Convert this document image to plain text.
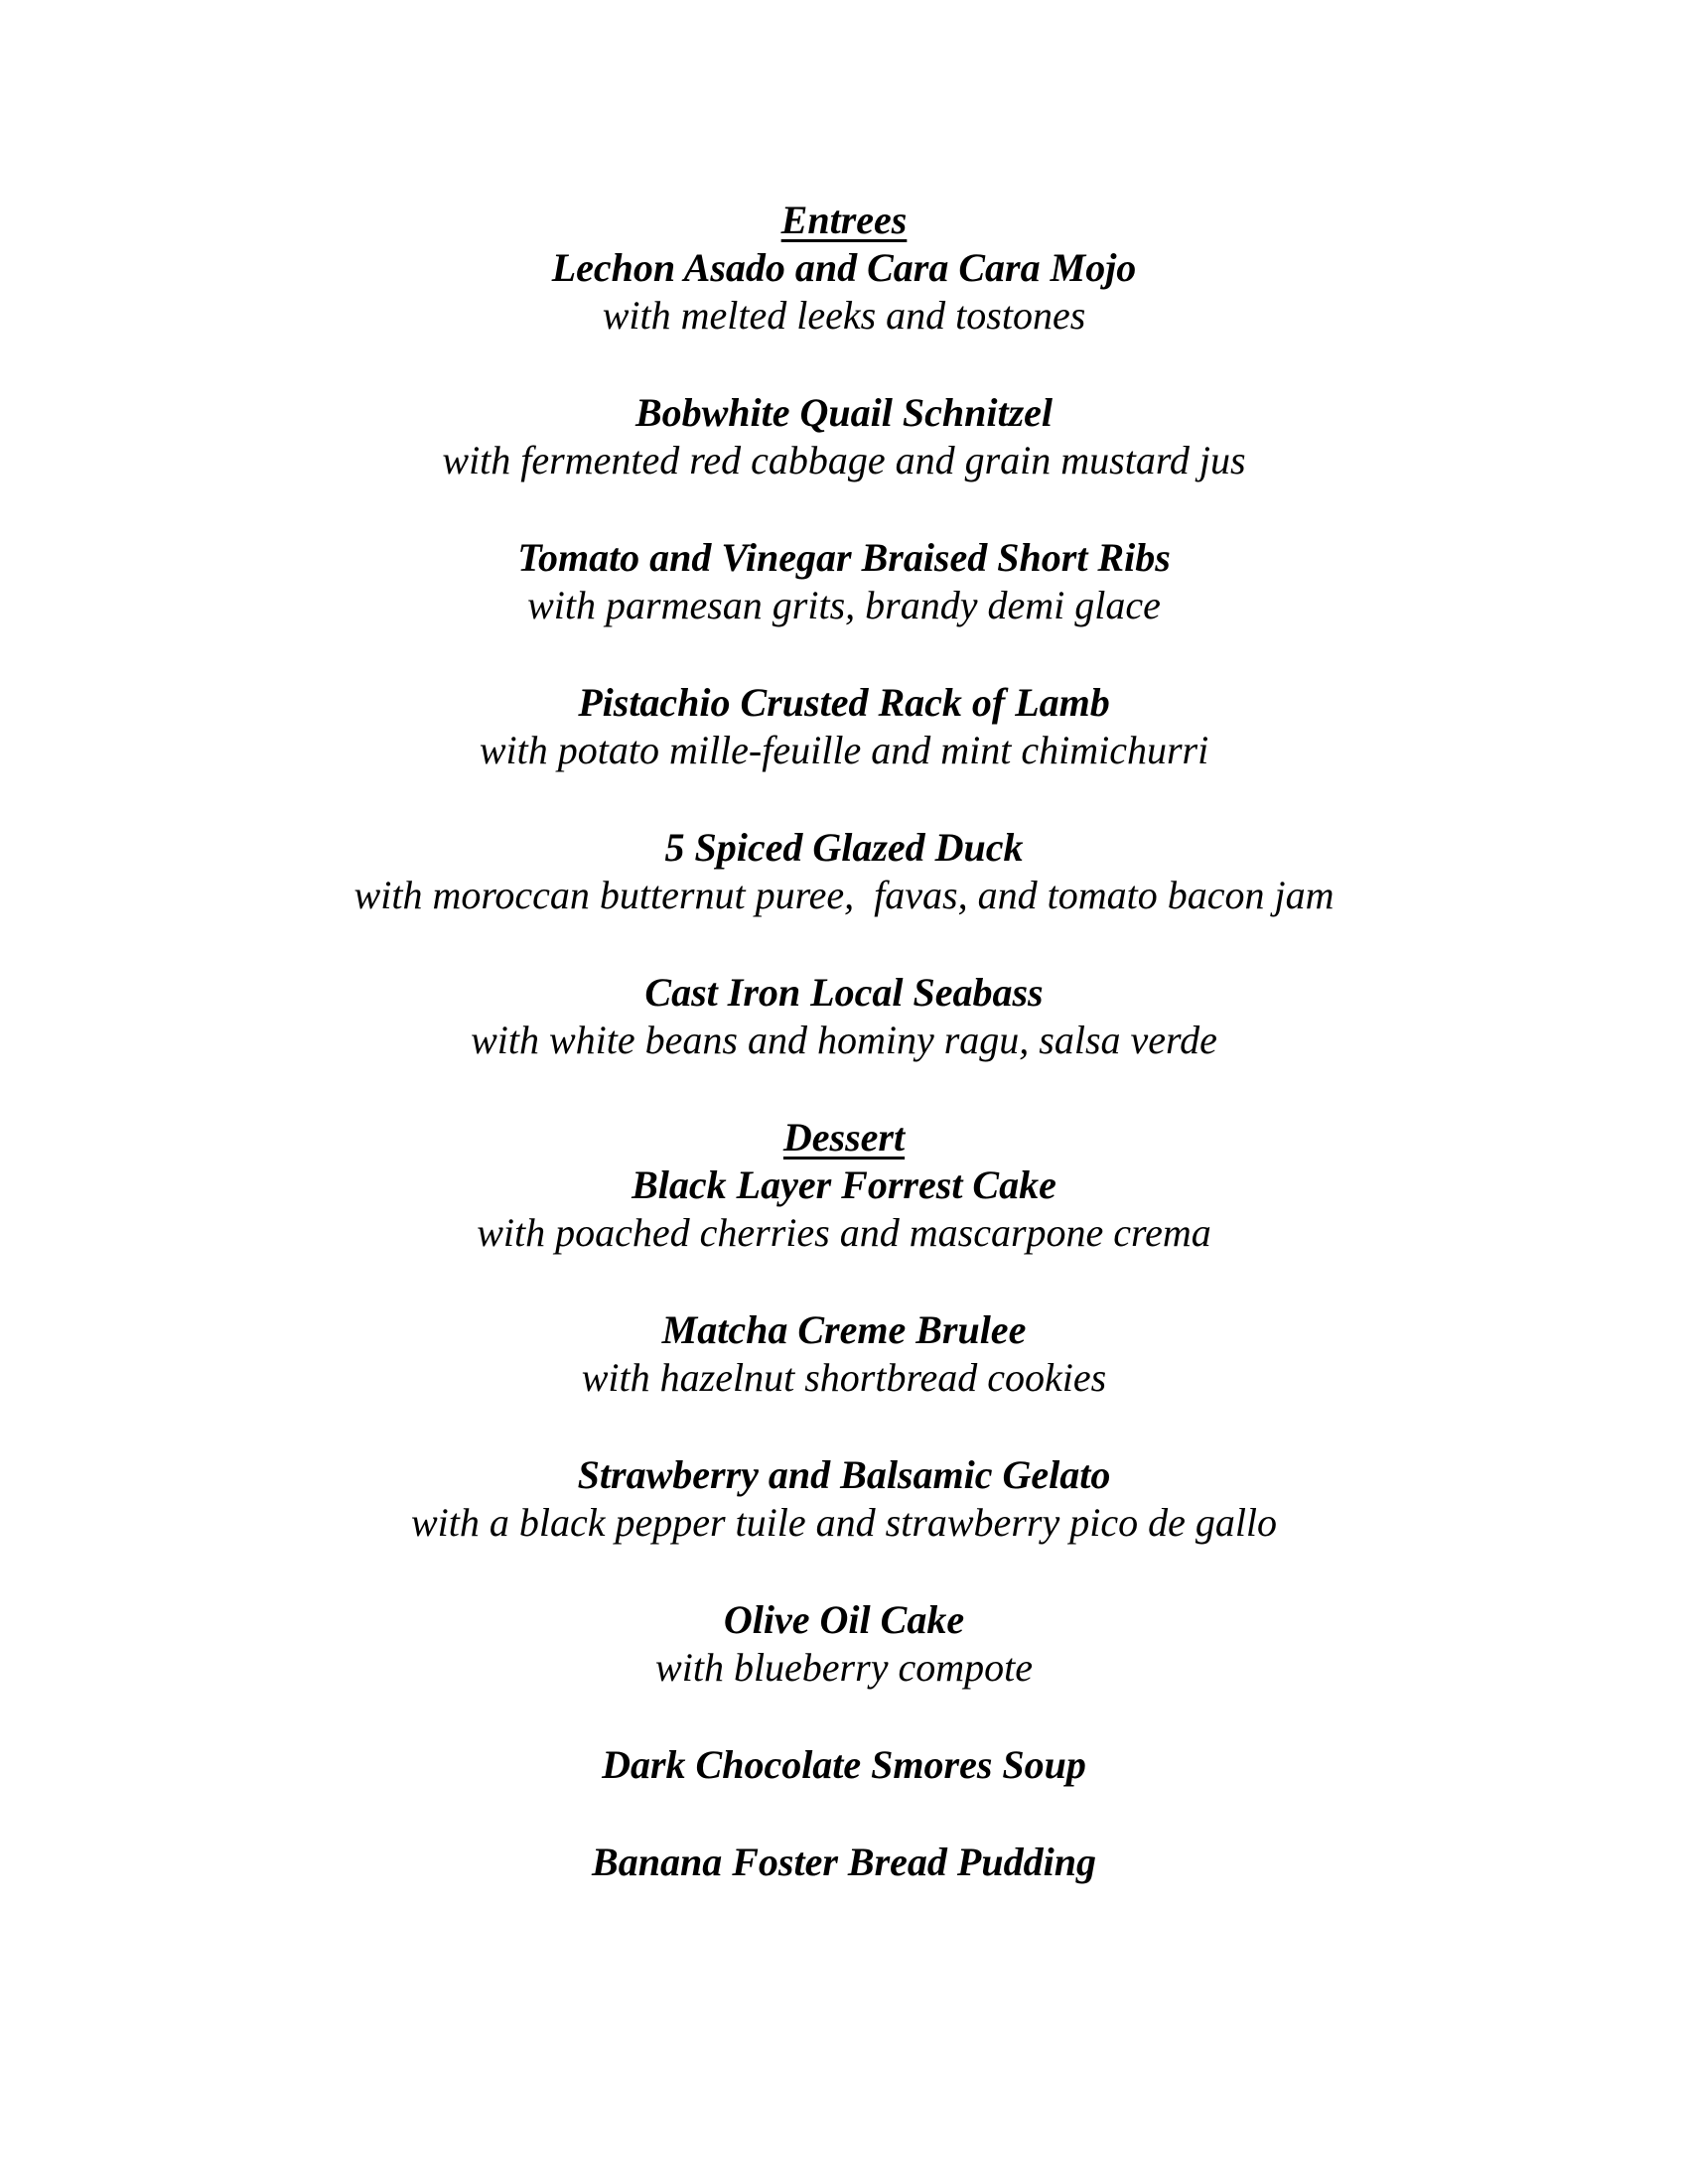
Entrees
Lechon Asado and Cara Cara Mojo
with melted leeks and tostones
Bobwhite Quail Schnitzel
with fermented red cabbage and grain mustard jus
Tomato and Vinegar Braised Short Ribs
with parmesan grits, brandy demi glace
Pistachio Crusted Rack of Lamb
with potato mille-feuille and mint chimichurri
5 Spiced Glazed Duck
with moroccan butternut puree,  favas, and tomato bacon jam
Cast Iron Local Seabass
with white beans and hominy ragu, salsa verde
Dessert
Black Layer Forrest Cake
with poached cherries and mascarpone crema
Matcha Creme Brulee
with hazelnut shortbread cookies
Strawberry and Balsamic Gelato
with a black pepper tuile and strawberry pico de gallo
Olive Oil Cake
with blueberry compote
Dark Chocolate Smores Soup
Banana Foster Bread Pudding
